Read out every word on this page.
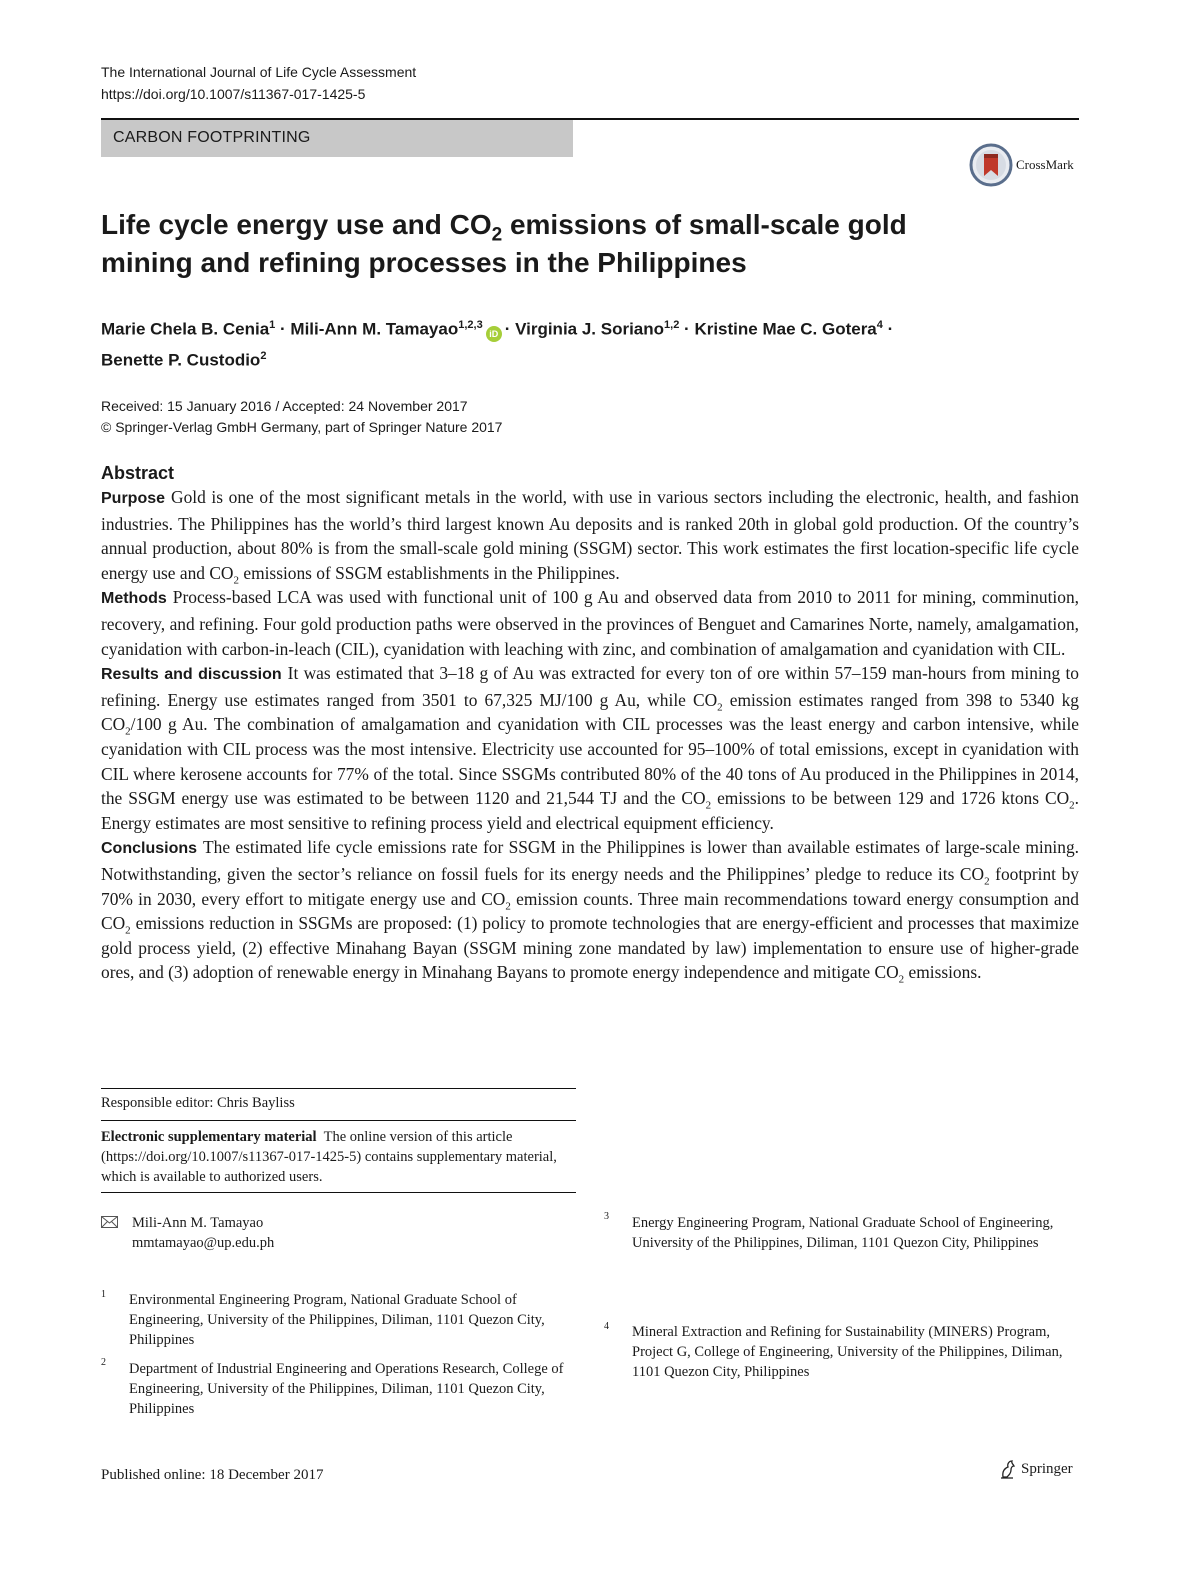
The International Journal of Life Cycle Assessment
https://doi.org/10.1007/s11367-017-1425-5
CARBON FOOTPRINTING
CrossMark
Life cycle energy use and $CO_2$ emissions of small-scale gold mining and refining processes in the Philippines
Marie Chela B. Cenia$^1$ · Mili-Ann M. Tamayao$^{1,2,3}$iD · Virginia J. Soriano$^{1,2}$ · Kristine Mae C. Gotera$^4$ ·
Benette P. Custodio$^2$
Received: 15 January 2016 / Accepted: 24 November 2017
© Springer-Verlag GmbH Germany, part of Springer Nature 2017
Abstract

Purpose Gold is one of the most significant metals in the world, with use in various sectors including the electronic, health, and fashion industries. The Philippines has the world’s third largest known Au deposits and is ranked 20th in global gold production. Of the country’s annual production, about 80% is from the small-scale gold mining (SSGM) sector. This work estimates the first location-specific life cycle energy use and $CO_2$ emissions of SSGM establishments in the Philippines.

Methods Process-based LCA was used with functional unit of 100 g Au and observed data from 2010 to 2011 for mining, comminution, recovery, and refining. Four gold production paths were observed in the provinces of Benguet and Camarines Norte, namely, amalgamation, cyanidation with carbon-in-leach (CIL), cyanidation with leaching with zinc, and combination of amalgamation and cyanidation with CIL.

Results and discussion It was estimated that 3–18 g of Au was extracted for every ton of ore within 57–159 man-hours from mining to refining. Energy use estimates ranged from 3501 to 67,325 MJ/100 g Au, while $CO_2$ emission estimates ranged from 398 to 5340 kg $CO_2/100$ g Au. The combination of amalgamation and cyanidation with CIL processes was the least energy and carbon intensive, while cyanidation with CIL process was the most intensive. Electricity use accounted for 95–100% of total emissions, except in cyanidation with CIL where kerosene accounts for 77% of the total. Since SSGMs contributed 80% of the 40 tons of Au produced in the Philippines in 2014, the SSGM energy use was estimated to be between 1120 and 21,544 TJ and the $CO_2$ emissions to be between 129 and 1726 ktons $CO_2$. Energy estimates are most sensitive to refining process yield and electrical equipment efficiency.

Conclusions The estimated life cycle emissions rate for SSGM in the Philippines is lower than available estimates of large-scale mining. Notwithstanding, given the sector’s reliance on fossil fuels for its energy needs and the Philippines’ pledge to reduce its $CO_2$ footprint by 70% in 2030, every effort to mitigate energy use and $CO_2$ emission counts. Three main recommendations toward energy consumption and $CO_2$ emissions reduction in SSGMs are proposed: (1) policy to promote technologies that are energy-efficient and processes that maximize gold process yield, (2) effective Minahang Bayan (SSGM mining zone mandated by law) implementation to ensure use of higher-grade ores, and (3) adoption of renewable energy in Minahang Bayans to promote energy independence and mitigate $CO_2$ emissions.

Responsible editor: Chris Bayliss
Electronic supplementary material The online version of this article (https://doi.org/10.1007/s11367-017-1425-5) contains supplementary material, which is available to authorized users.
Mili-Ann M. Tamayao
mmtamayao@up.edu.ph
1 Environmental Engineering Program, National Graduate School of Engineering, University of the Philippines, Diliman, 1101 Quezon City, Philippines
2 Department of Industrial Engineering and Operations Research, College of Engineering, University of the Philippines, Diliman, 1101 Quezon City, Philippines
3 Energy Engineering Program, National Graduate School of Engineering, University of the Philippines, Diliman, 1101 Quezon City, Philippines
4 Mineral Extraction and Refining for Sustainability (MINERS) Program, Project G, College of Engineering, University of the Philippines, Diliman, 1101 Quezon City, Philippines
Published online: 18 December 2017	Springer
